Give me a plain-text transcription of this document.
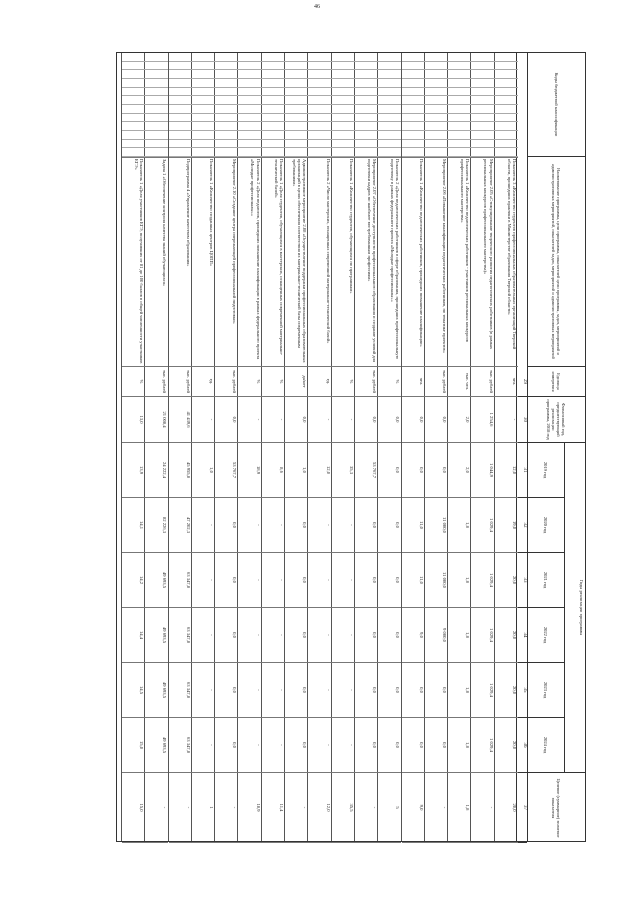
46
Коды бюджетной классификации
Наименование программы, цели программы, показателей цели программы, задач, мероприятий и административных мероприятий, показателей задач, мероприятий и административных мероприятий
Единица измерения
Финансовый год, предшествующий реализации программы, 2018 год
Годы реализации программы
2019 год
2020 год
2021 год
2022 год
2023 год
2024 год
Целевое (суммарное) значение показателя
29
30
31
32
33
34
35
36
37
Показатель 3 «Количество студентов профессиональных образовательных организаций Тверской области, прошедших практики в Министерстве образования Тверской области»
чел.
-
12,0
19,0
20,0
20,0
20,0
20,0
20,0
Мероприятие 2.05 «Стимулирование творческого развития педагогических работников (в рамках региональных конкурсов профессионального мастерства)»
тыс. рублей
1 254,6
1 044,9
1 029,4
1 029,4
1 029,4
1 029,4
1 029,4
-
Показатель 1 «Количество педагогических работников - участников региональных конкурсов профессионального мастерства»
тыс. чел.
2,0
2,0
1,8
1,8
1,8
1,8
1,8
1,8
Мероприятие 2.06 «Повышение квалификации педагогических работников, по тематике проектов»
тыс. рублей
0,0
0,0
11 000,0
11 000,0
9 000,0
0,0
0,0
-
Показатель 1 «Количество педагогических работников, прошедших повышение квалификации»
чел.
0,0
0,0
11,0
11,0
9,0
0,0
0,0
9,0
Показатель 2 «Доля педагогических работников в сфере образования, прошедших профессиональную подготовку в рамках федерального проекта «Молодые профессионалы»»
%
0,0
0,0
0,0
0,0
0,0
0,0
0,0
5
Мероприятие 2.07 «Обеспечение доступности профессионального образования и создание условий для подготовки кадров по наиболее востребованным профессиям»
тыс. рублей
0,0
53 767,7
0,0
0,0
0,0
0,0
0,0
-
Показатель 1 «Количество студентов, обучающихся по программам»
%
-
35,3
-
-
-
-
-
35,5
Показатель 2 «Число мастерских, оснащенных современной материально-технической базой»
ед.
-
12,0
-
-
-
-
-
12,0
Административное мероприятие 2.08 «Осуществление поддержки профессиональных образовательных организаций в целях обеспечения соответствия их материально-технической базы современным требованиям»
да/нет
0,0
1,0
0,0
0,0
0,0
0,0
0,0
-
Показатель 1 «Доля студентов, обучающихся в мастерских, оснащенных современной материально-технической базой»
%
-
8,6
-
-
-
-
-
11,4
Показатель 2 «Доля педагогов, прошедших повышение квалификации в рамках федерального проекта «Молодые профессионалы»»
%
-
18,9
-
-
-
-
-
18,9
Мероприятие 2.10 «Создание центра опережающей профессиональной подготовки»
тыс. рублей
0,0
53 767,7
0,0
0,0
0,0
0,0
0,0
-
Показатель 1 «Количество созданных центров ЦОПП»
ед.
-
1,0
-
-
-
-
-
1
Подпрограмма 4 «Управление качеством образования»
тыс. рублей
41 439,6
45 955,8
47 202,3
63 347,8
63 347,8
63 347,8
63 347,8
-
Задача 1 «Обеспечение контроля качества знаний обучающихся»
тыс. рублей
21 008,4
24 222,4
82 226,3
49 693,5
49 693,5
49 693,5
49 693,5
-
Показатель 1 «Доля участников ЕГЭ, получивших от 81 до 100 баллов в общей численности участников ЕГЭ»
%
13,0
13,9
14,1
14,2
14,4
14,5
15,0
15,0
